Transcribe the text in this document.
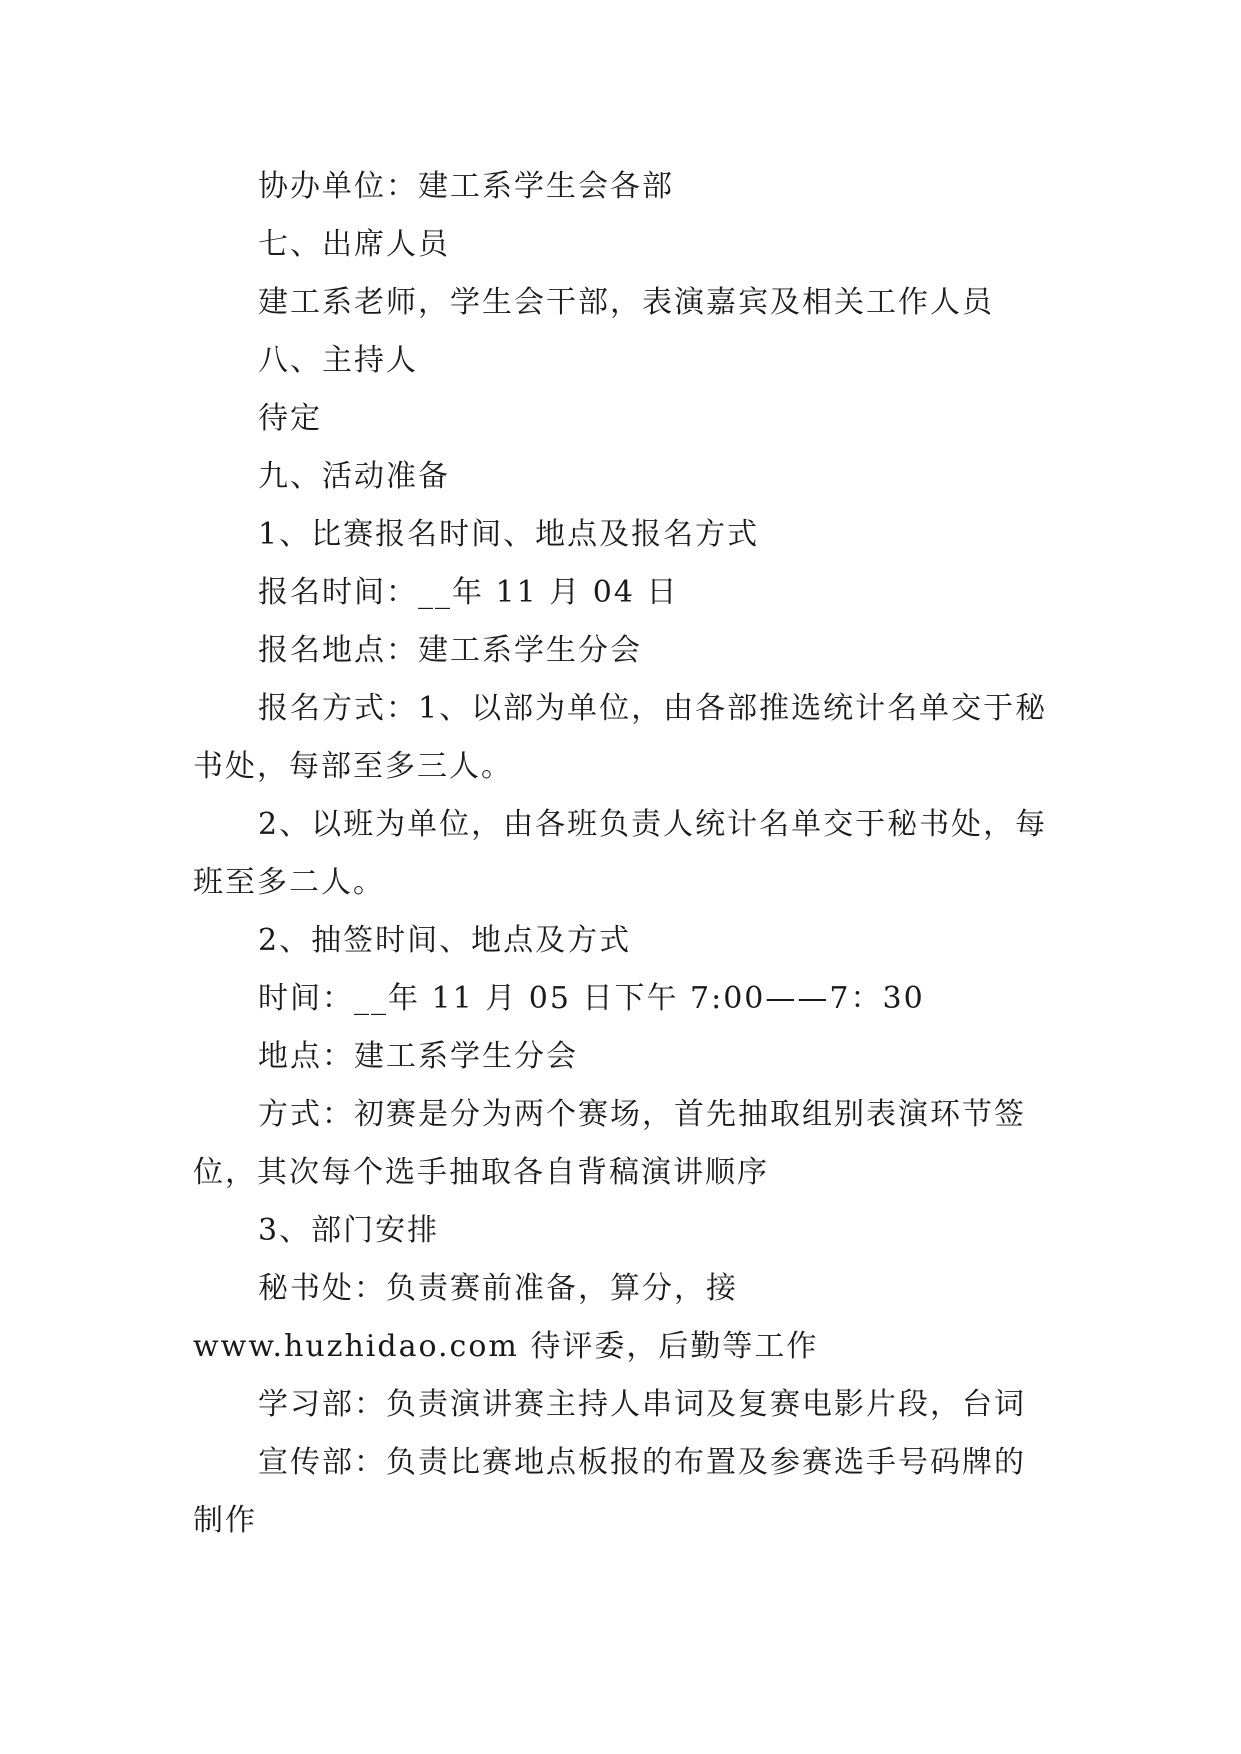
协办单位：建工系学生会各部

七、出席人员

建工系老师，学生会干部，表演嘉宾及相关工作人员

八、主持人

待定

九、活动准备

1、比赛报名时间、地点及报名方式

报名时间：__年 11 月 04 日

报名地点：建工系学生分会

报名方式：1、以部为单位，由各部推选统计名单交于秘书处，每部至多三人。

2、以班为单位，由各班负责人统计名单交于秘书处，每班至多二人。

2、抽签时间、地点及方式

时间：__年 11 月 05 日下午 7:00——7：30

地点：建工系学生分会

方式：初赛是分为两个赛场，首先抽取组别表演环节签位，其次每个选手抽取各自背稿演讲顺序

3、部门安排

秘书处：负责赛前准备，算分，接 www.huzhidao.com 待评委，后勤等工作

学习部：负责演讲赛主持人串词及复赛电影片段，台词

宣传部：负责比赛地点板报的布置及参赛选手号码牌的制作
